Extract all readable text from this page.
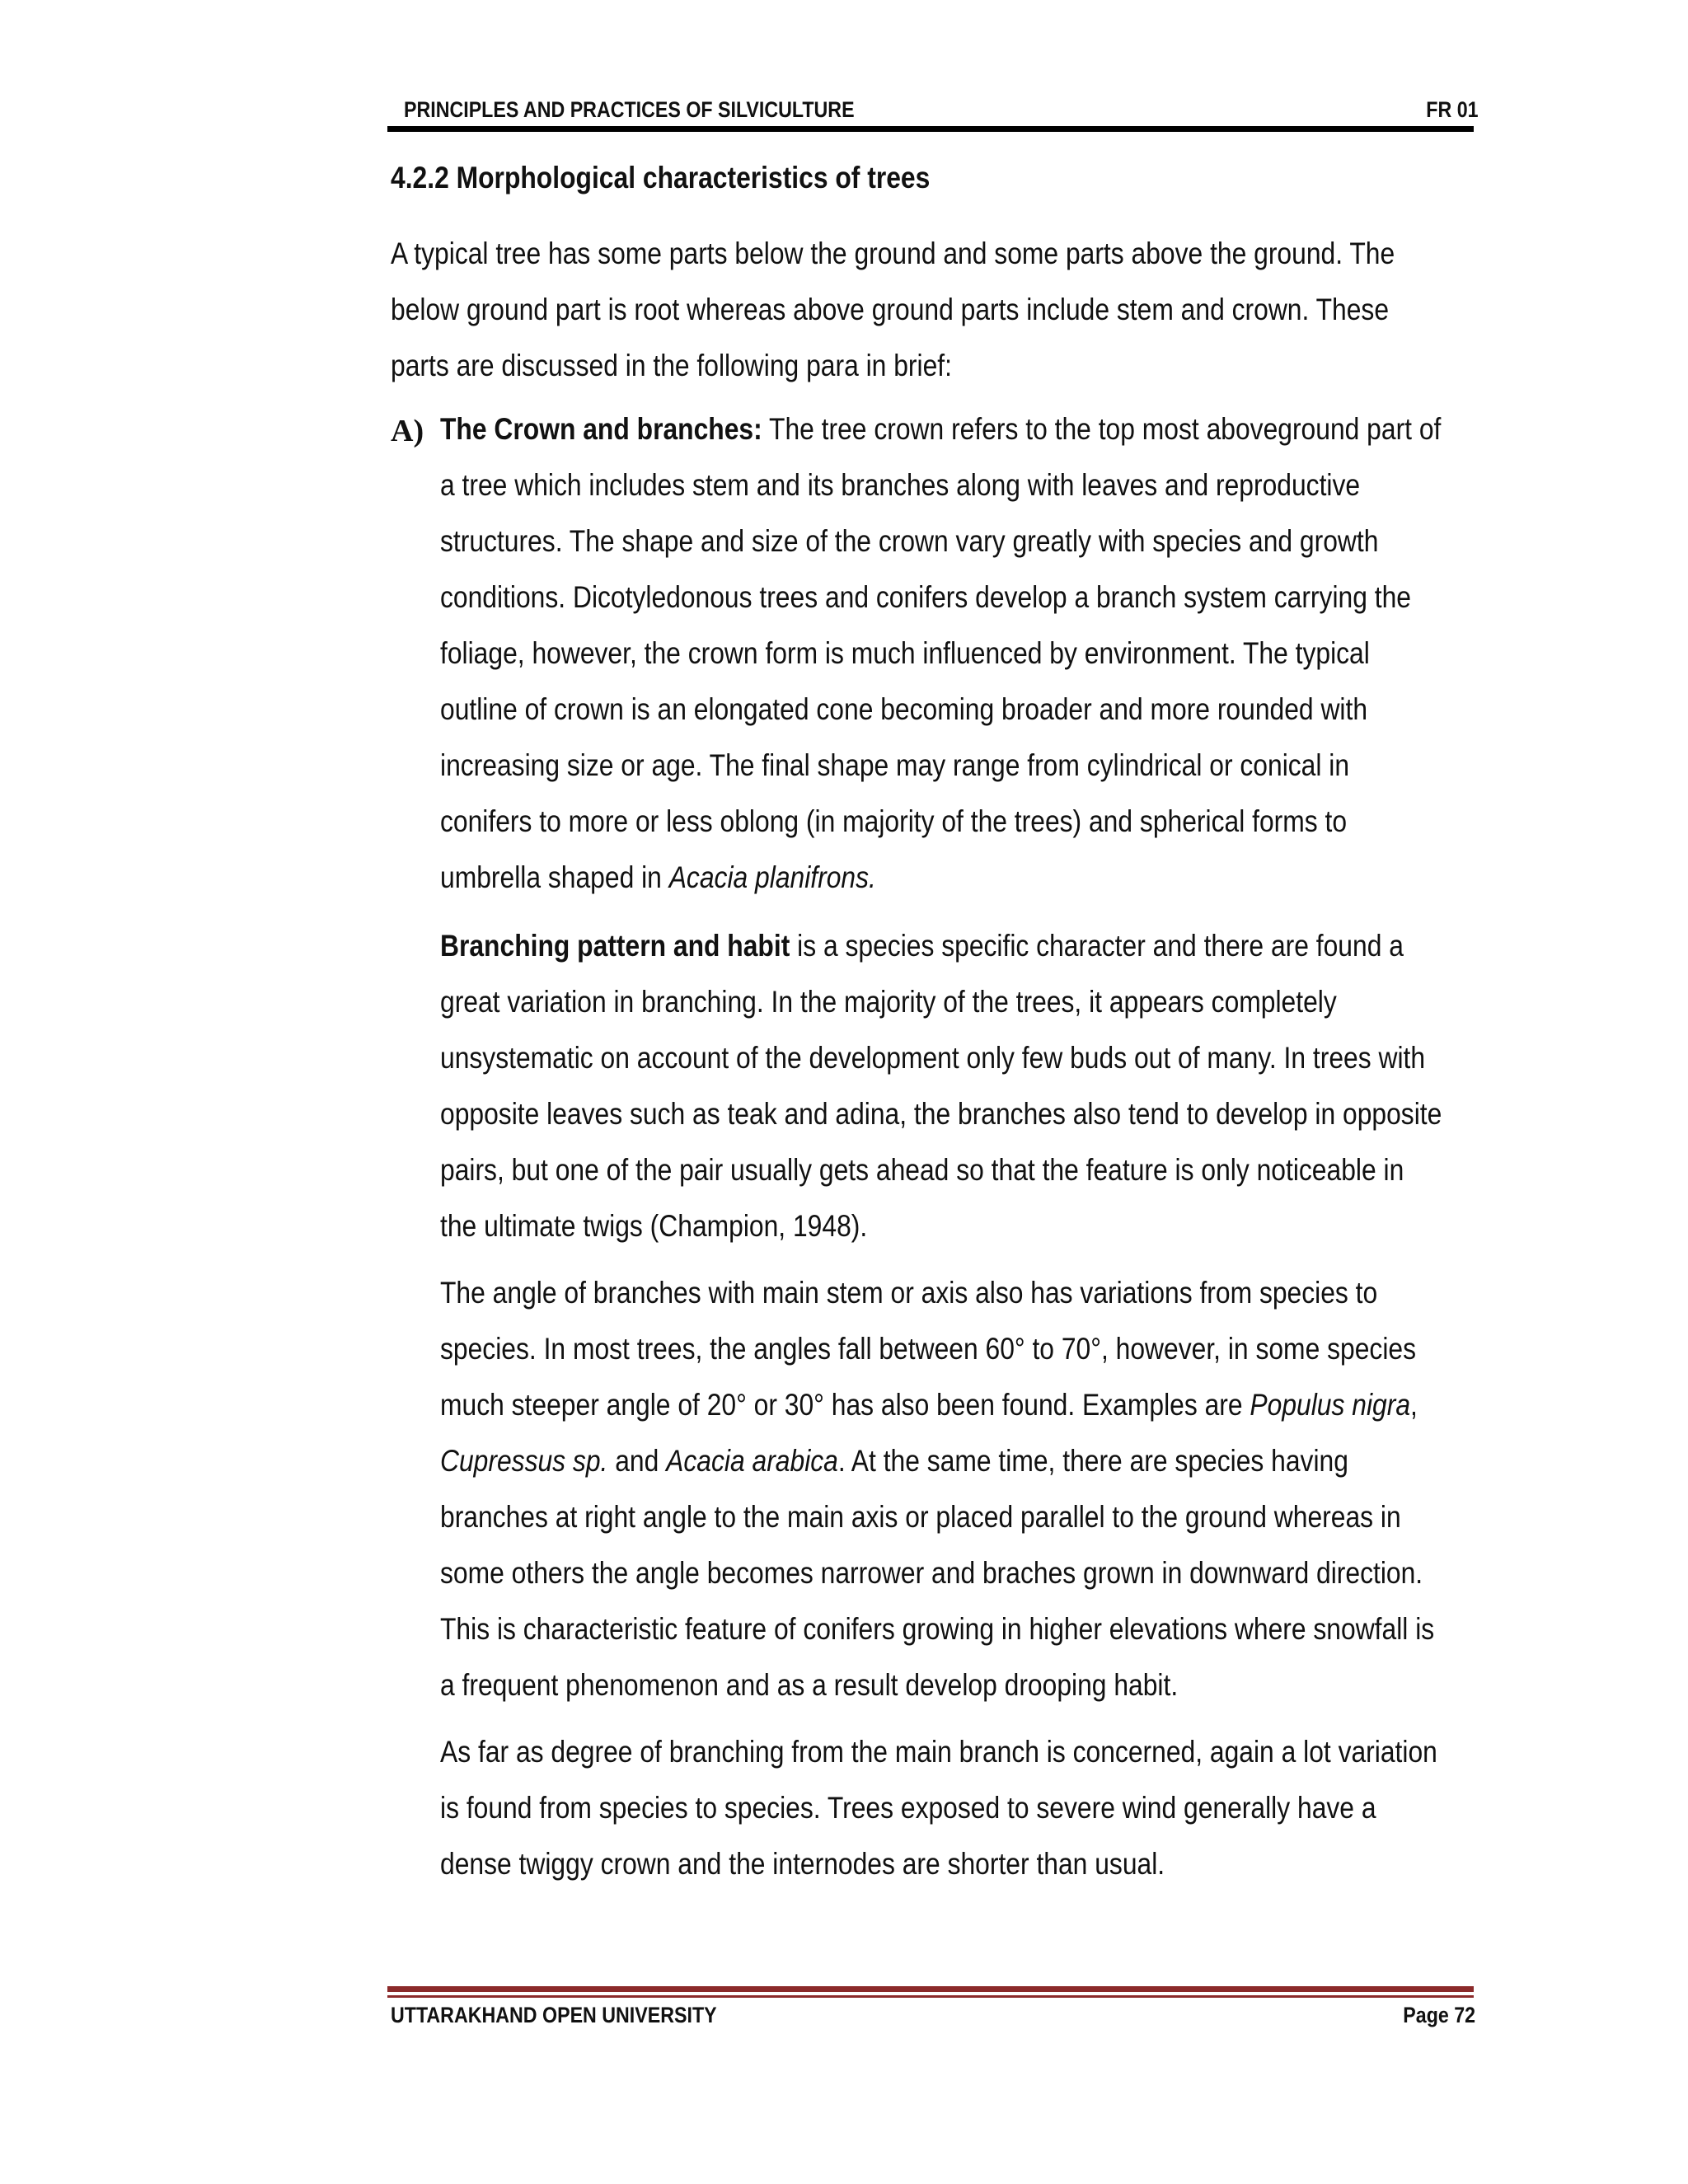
PRINCIPLES AND PRACTICES OF SILVICULTURE	FR 01
4.2.2 Morphological characteristics of trees
A typical tree has some parts below the ground and some parts above the ground. The
below ground part is root whereas above ground parts include stem and crown. These
parts are discussed in the following para in brief:
A) The Crown and branches: The tree crown refers to the top most aboveground part of
a tree which includes stem and its branches along with leaves and reproductive
structures. The shape and size of the crown vary greatly with species and growth
conditions. Dicotyledonous trees and conifers develop a branch system carrying the
foliage, however, the crown form is much influenced by environment. The typical
outline of crown is an elongated cone becoming broader and more rounded with
increasing size or age. The final shape may range from cylindrical or conical in
conifers to more or less oblong (in majority of the trees) and spherical forms to
umbrella shaped in Acacia planifrons.
Branching pattern and habit is a species specific character and there are found a
great variation in branching. In the majority of the trees, it appears completely
unsystematic on account of the development only few buds out of many. In trees with
opposite leaves such as teak and adina, the branches also tend to develop in opposite
pairs, but one of the pair usually gets ahead so that the feature is only noticeable in
the ultimate twigs (Champion, 1948).
The angle of branches with main stem or axis also has variations from species to
species. In most trees, the angles fall between 60° to 70°, however, in some species
much steeper angle of 20° or 30° has also been found. Examples are Populus nigra,
Cupressus sp. and Acacia arabica. At the same time, there are species having
branches at right angle to the main axis or placed parallel to the ground whereas in
some others the angle becomes narrower and braches grown in downward direction.
This is characteristic feature of conifers growing in higher elevations where snowfall is
a frequent phenomenon and as a result develop drooping habit.
As far as degree of branching from the main branch is concerned, again a lot variation
is found from species to species. Trees exposed to severe wind generally have a
dense twiggy crown and the internodes are shorter than usual.
UTTARAKHAND OPEN UNIVERSITY	Page 72
